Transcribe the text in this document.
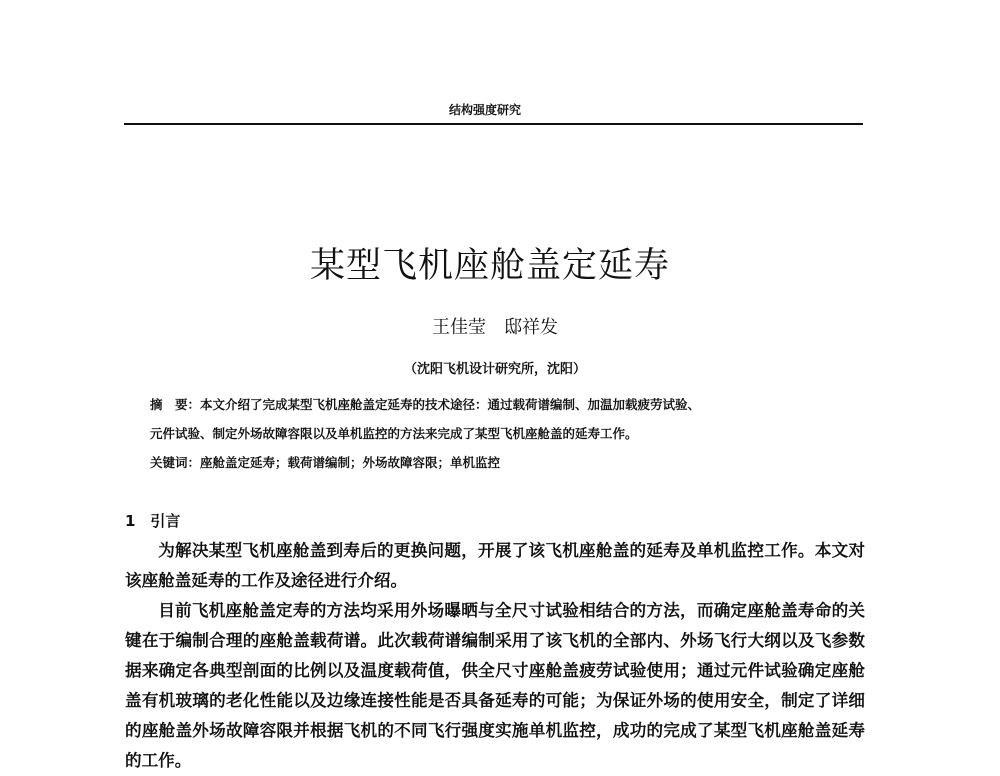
结构强度研究
某型飞机座舱盖定延寿
王佳莹　邸祥发
（沈阳飞机设计研究所，沈阳）
摘　要：本文介绍了完成某型飞机座舱盖定延寿的技术途径：通过载荷谱编制、加温加载疲劳试验、
元件试验、制定外场故障容限以及单机监控的方法来完成了某型飞机座舱盖的延寿工作。
关键词：座舱盖定延寿；载荷谱编制；外场故障容限；单机监控
1　引言

为解决某型飞机座舱盖到寿后的更换问题，开展了该飞机座舱盖的延寿及单机监控工作。本文对该座舱盖延寿的工作及途径进行介绍。

目前飞机座舱盖定寿的方法均采用外场曝晒与全尺寸试验相结合的方法，而确定座舱盖寿命的关键在于编制合理的座舱盖载荷谱。此次载荷谱编制采用了该飞机的全部内、外场飞行大纲以及飞参数据来确定各典型剖面的比例以及温度载荷值，供全尺寸座舱盖疲劳试验使用；通过元件试验确定座舱盖有机玻璃的老化性能以及边缘连接性能是否具备延寿的可能；为保证外场的使用安全，制定了详细的座舱盖外场故障容限并根据飞机的不同飞行强度实施单机监控，成功的完成了某型飞机座舱盖延寿的工作。
